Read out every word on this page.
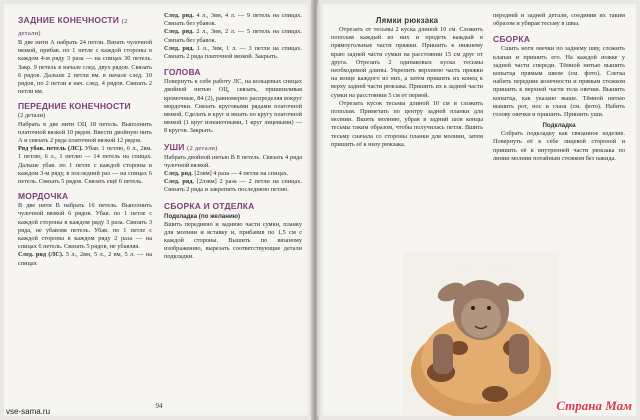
ЗАДНИЕ КОНЕЧНОСТИ (2 детали)

В две нити А набрать 24 петли. Вязать чулочной вязкой, прибав. по 1 петле с каждой стороны в каждом 4-м ряду 3 раза — на спицах 30 петель. Закр. 9 петель в начале след. двух рядов. Связать 6 рядов. Дальше 2 петли вм. в начале след. 10 рядов, по 2 петли в нач. след. 4 рядов. Связать 2 петли вм.

ПЕРЕДНИЕ КОНЕЧНОСТИ

(2 детали)

Набрать в две нити ОЦ 18 петель. Выполнить платочной вязкой 10 рядов. Ввести двойную нить А и связать 2 ряда платочной вязкой 12 рядов.

Ряд убав. петель (ЛС). Убав. 1 петлю, 6 л., 2вм. 1 петлю, 6 л., 1 петлю — 14 петель на спицах. Дальше убав. по 1 петле с каждой стороны в каждом 3-м ряду, в последний раз — на спицах 6 петель. Связать 5 рядов. Связать ещё 6 петель.

МОРДОЧКА

В две нити В набрать 16 петель. Выполнить чулочной вязкой 6 рядов. Убав. по 1 петле с каждой стороны в каждом ряду 3 раза. Связать 3 ряда, не убавляя петель. Убав. по 1 петле с каждой стороны в каждом ряду 2 раза — на спицах 6 петель. Связать 5 рядов, не убавляя.

След. ряд (ЛС). 5 л., 2вм, 5 л., 2 вм, 5 л. — на спицах

След. ряд. 4 л., 3вм, 4 л. — 9 петель на спицах. Связать без убавок.

След. ряд. 2 л., 3вм, 2 л. — 5 петель на спицах. Связать без убавок.

След. ряд. 1 л., 3вм, 1 л. — 3 петли на спицах. Связать 2 ряда платочной вязкой. Закрыть.

ГОЛОВА

Повернуть к себе работу ЛС, на кольцевых спицах двойной нитью ОЦ, связать, пришпиливая кромочные, 84 (2), равномерно распределяя вокруг мордочки. Связать круговыми рядами платочной вязкой. Сделать в круг и вязать по кругу платочной вязкой (1 круг изнаночными, 1 круг лицевыми) — 8 кругов. Закрыть.

УШИ (2 детали)

Набрать двойной нитью В 8 петель. Связать 4 ряда чулочной вязкой.

След. ряд. [2лвм] 4 раза — 4 петли на спицах.

След. ряд. [2лзвм] 2 раза — 2 петли на спицах. Связать 2 ряда и закрепить последнюю петлю.

СБОРКА И ОТДЕЛКА

Подкладка (по желанию)

Вшить переднюю и заднюю части сумки, планку для молнии и вставку и, прибавив по 1,5 см с каждой стороны. Вышить по вязаному изображению, вырезать соответствующие детали подкладки.

94

Лямки рюкзака

Отрезать от тесьмы 2 куска длиной 10 см. Сложить пополам каждый из них и продеть каждый в прямоугольные части пряжки. Пришить к нижнему краю задней части сумки на расстоянии 15 см друг от друга. Отрезать 2 одинаковых куска тесьмы необходимой длины. Укрепить верхнюю часть пряжки на конце каждого из них, а затем пришить их конец к верху задней части рюкзака. Пришить их к задней части сумки на расстоянии 5 см от первой.

Отрезать кусок тесьмы длиной 10 см и сложить пополам. Приметать по центру задней планки для молнии. Вшить молнию, убрав в задний шов концы тесьмы таким образом, чтобы получилась петля. Вшить тесьму сначала со стороны планки для молнии, затем пришить её к низу рюкзака.

передней и задней детали, соединив их таким образом и убирая тесьму в швы.

СБОРКА

Сшить ноги овечки по заднему шву, сложить клапан и пришить его. На каждой ножке у задней части спереди. Тёмной нитью вышить копытца прямым швом (см. фото). Слегка набить передние конечности и прямым стежком пришить к верхней части тела овечки. Вышить копытца, как указано выше. Тёмной нитью вышить рот, нос и глаза (см. фото). Набить голову овечки и пришить. Пришить уши.

Подкладка

Собрать подкладку как связанное изделие. Повернуть её к себе лицевой стороной и пришить её к внутренней части рюкзака по линии молнии потайным стежком без накида.

vse-sama.ru	Страна Мам
